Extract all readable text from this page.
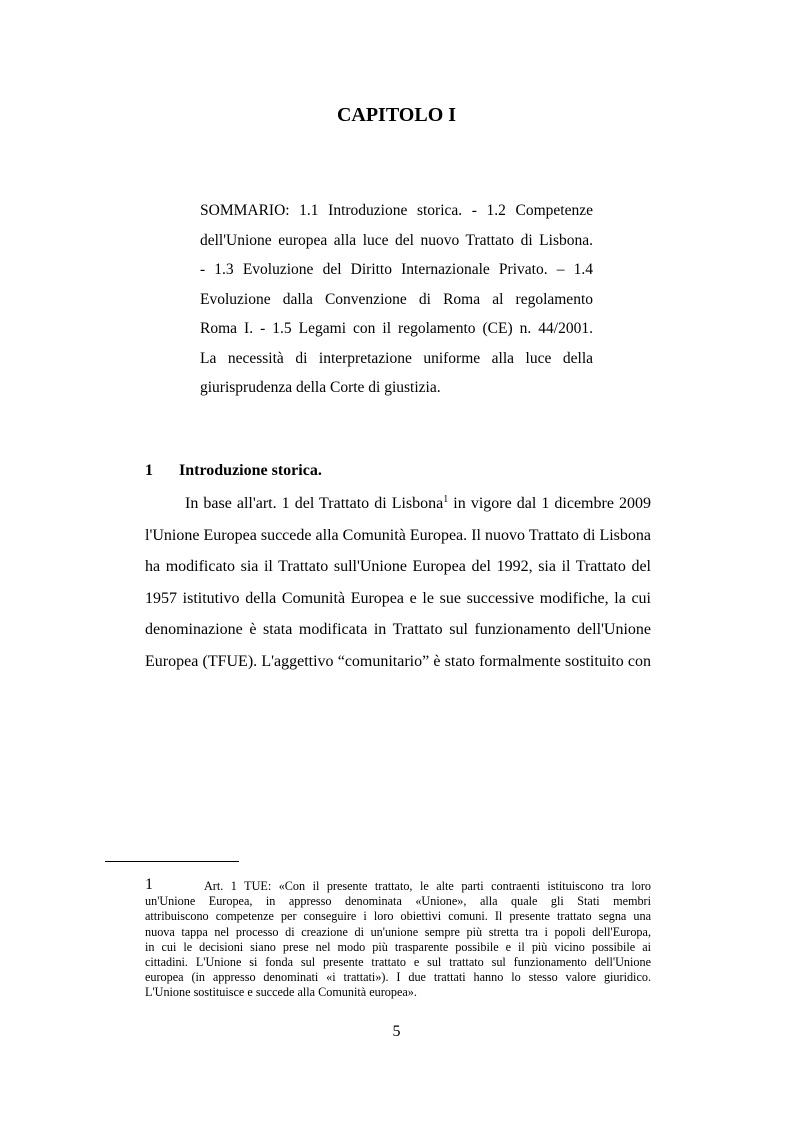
CAPITOLO I
SOMMARIO: 1.1 Introduzione storica. - 1.2 Competenze
dell'Unione europea alla luce del nuovo Trattato di Lisbona.
- 1.3 Evoluzione del Diritto Internazionale Privato. – 1.4
Evoluzione dalla Convenzione di Roma al regolamento
Roma I. - 1.5 Legami con il regolamento (CE) n. 44/2001.
La necessità di interpretazione uniforme alla luce della
giurisprudenza della Corte di giustizia.
1 Introduzione storica.
In base all'art. 1 del Trattato di Lisbona$^1$ in vigore dal 1 dicembre 2009
l'Unione Europea succede alla Comunità Europea. Il nuovo Trattato di Lisbona
ha modificato sia il Trattato sull'Unione Europea del 1992, sia il Trattato del
1957 istitutivo della Comunità Europea e le sue successive modifiche, la cui
denominazione è stata modificata in Trattato sul funzionamento dell'Unione
Europea (TFUE). L'aggettivo “comunitario” è stato formalmente sostituito con
1	Art. 1 TUE: «Con il presente trattato, le alte parti contraenti istituiscono tra loro
un'Unione Europea, in appresso denominata «Unione», alla quale gli Stati membri
attribuiscono competenze per conseguire i loro obiettivi comuni. Il presente trattato segna una
nuova tappa nel processo di creazione di un'unione sempre più stretta tra i popoli dell'Europa,
in cui le decisioni siano prese nel modo più trasparente possibile e il più vicino possibile ai
cittadini. L'Unione si fonda sul presente trattato e sul trattato sul funzionamento dell'Unione
europea (in appresso denominati «i trattati»). I due trattati hanno lo stesso valore giuridico.
L'Unione sostituisce e succede alla Comunità europea».
5
